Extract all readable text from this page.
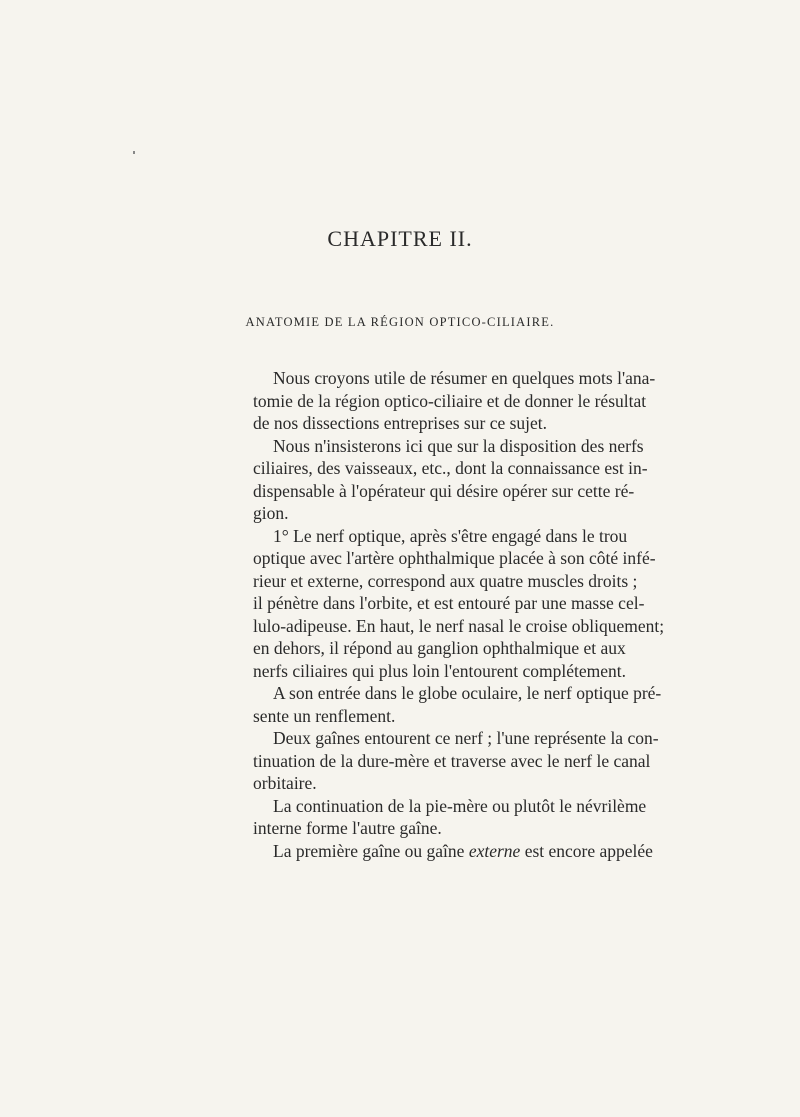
CHAPITRE II.
ANATOMIE DE LA RÉGION OPTICO-CILIAIRE.

Nous croyons utile de résumer en quelques mots l'ana-
tomie de la région optico-ciliaire et de donner le résultat
de nos dissections entreprises sur ce sujet.

Nous n'insisterons ici que sur la disposition des nerfs
ciliaires, des vaisseaux, etc., dont la connaissance est in-
dispensable à l'opérateur qui désire opérer sur cette ré-
gion.

1° Le nerf optique, après s'être engagé dans le trou
optique avec l'artère ophthalmique placée à son côté infé-
rieur et externe, correspond aux quatre muscles droits ;
il pénètre dans l'orbite, et est entouré par une masse cel-
lulo-adipeuse. En haut, le nerf nasal le croise obliquement;
en dehors, il répond au ganglion ophthalmique et aux
nerfs ciliaires qui plus loin l'entourent complétement.

A son entrée dans le globe oculaire, le nerf optique pré-
sente un renflement.

Deux gaînes entourent ce nerf ; l'une représente la con-
tinuation de la dure-mère et traverse avec le nerf le canal
orbitaire.

La continuation de la pie-mère ou plutôt le névrilème
interne forme l'autre gaîne.

La première gaîne ou gaîne externe est encore appelée
